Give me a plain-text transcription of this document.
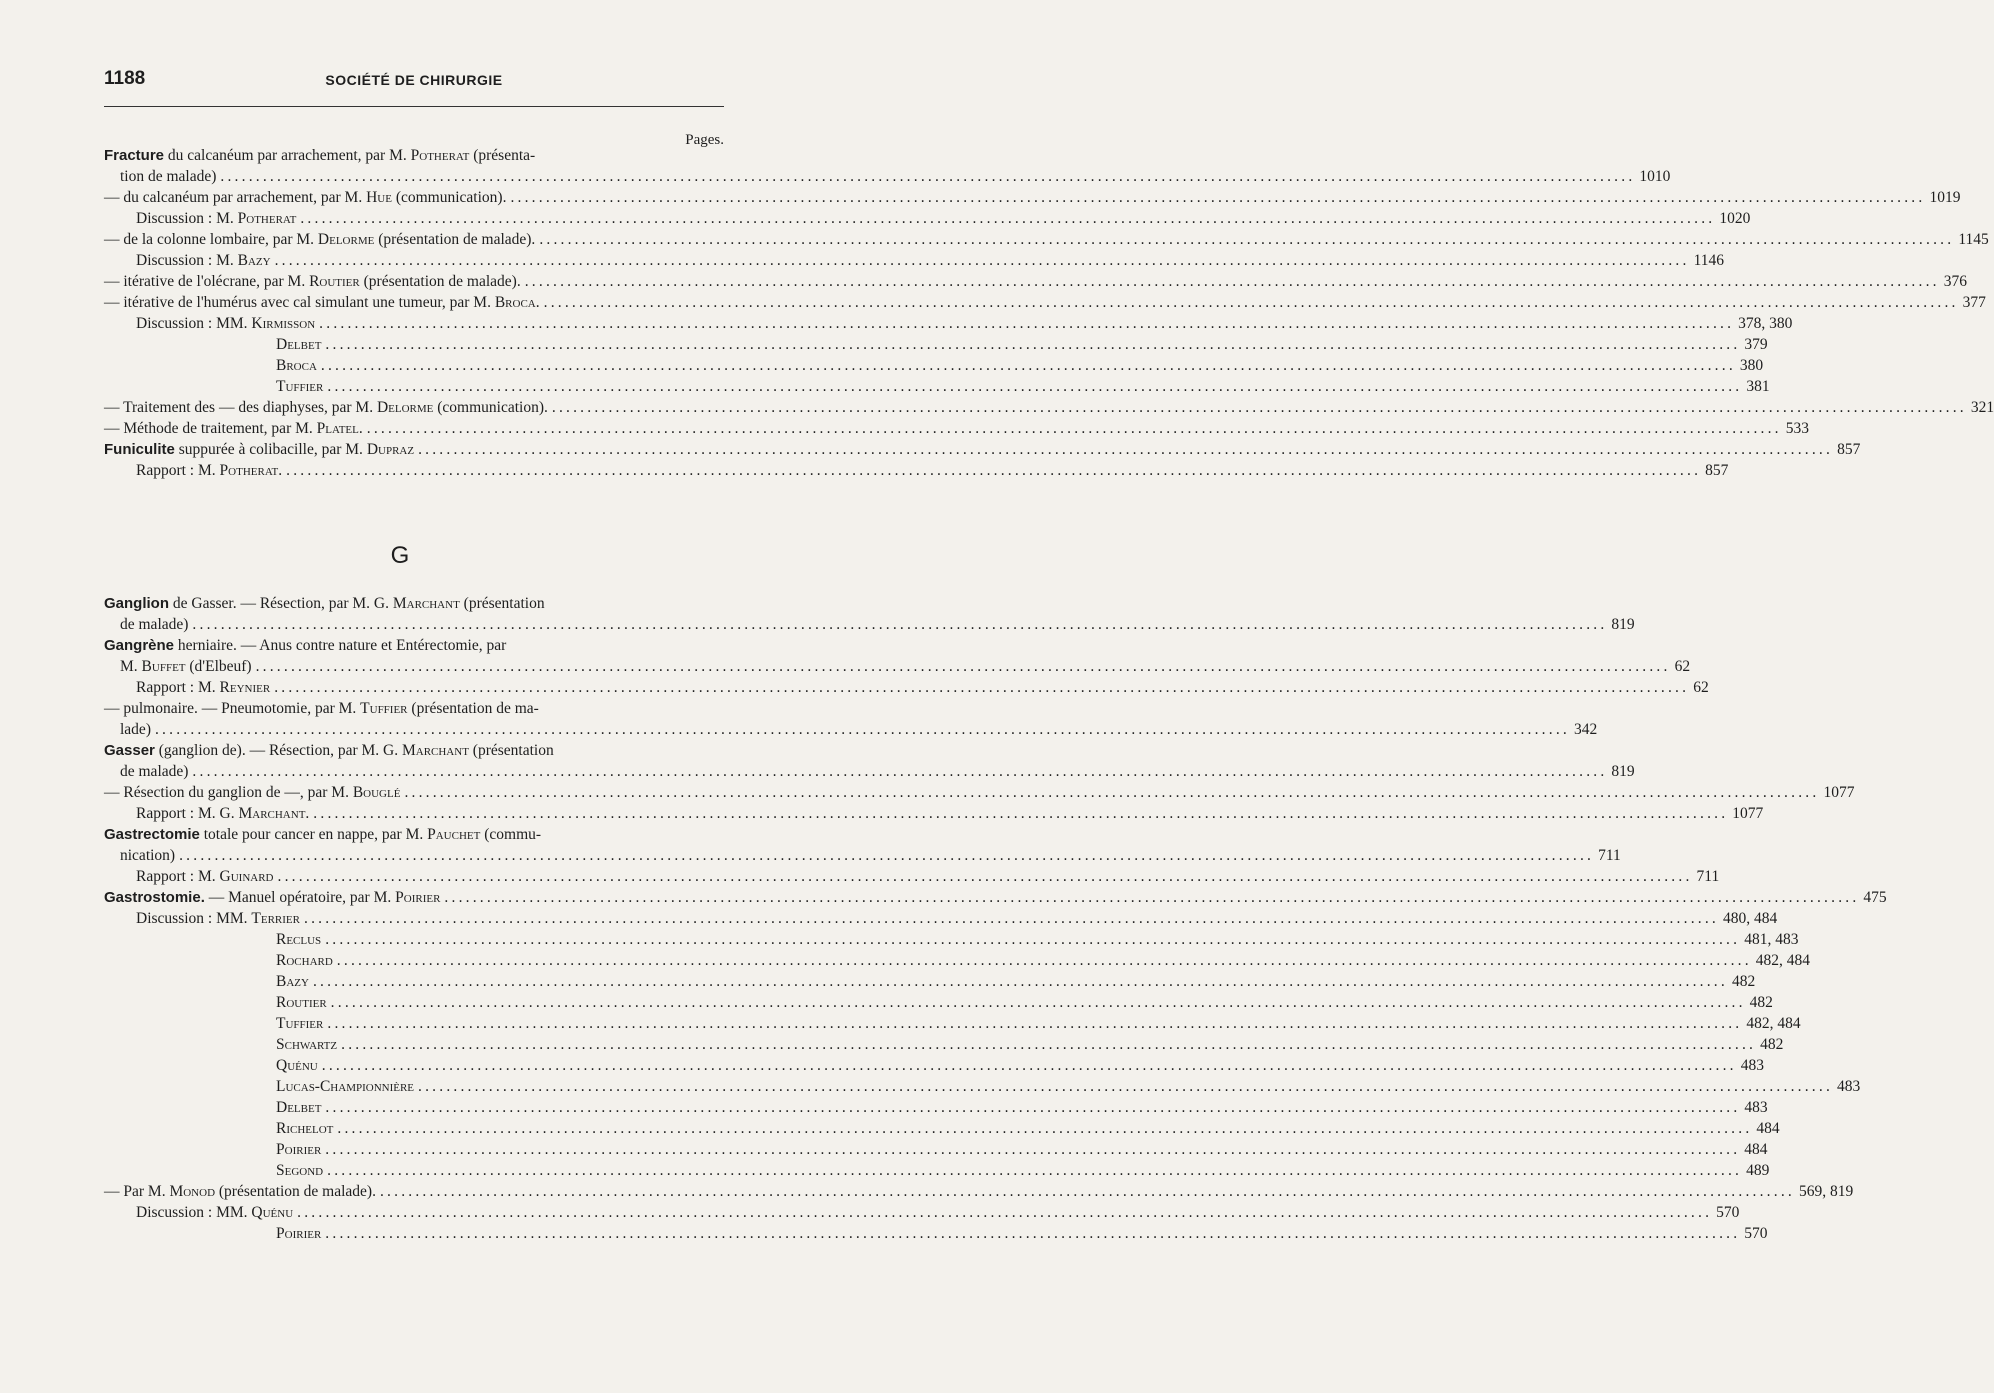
1188	SOCIÉTÉ DE CHIRURGIE
Pages.
G
Fracture du calcanéum par arrachement, par M. Potherat (présenta-
tion de malade) ........................................................................................................................................................................................................ 1010
— du calcanéum par arrachement, par M. Hue (communication). ........................................................................................................................................................................................................ 1019
Discussion : M. Potherat ........................................................................................................................................................................................................ 1020
— de la colonne lombaire, par M. Delorme (présentation de malade). ........................................................................................................................................................................................................ 1145
Discussion : M. Bazy ........................................................................................................................................................................................................ 1146
— itérative de l'olécrane, par M. Routier (présentation de malade). ........................................................................................................................................................................................................ 376
— itérative de l'humérus avec cal simulant une tumeur, par M. Broca. ........................................................................................................................................................................................................ 377
Discussion : MM. Kirmisson ........................................................................................................................................................................................................ 378, 380
Delbet ........................................................................................................................................................................................................ 379
Broca ........................................................................................................................................................................................................ 380
Tuffier ........................................................................................................................................................................................................ 381
— Traitement des — des diaphyses, par M. Delorme (communication). ........................................................................................................................................................................................................ 321
— Méthode de traitement, par M. Platel. ........................................................................................................................................................................................................ 533
Funiculite suppurée à colibacille, par M. Dupraz ........................................................................................................................................................................................................ 857
Rapport : M. Potherat. ........................................................................................................................................................................................................ 857
Ganglion de Gasser. — Résection, par M. G. Marchant (présentation
de malade) ........................................................................................................................................................................................................ 819
Gangrène herniaire. — Anus contre nature et Entérectomie, par
M. Buffet (d'Elbeuf) ........................................................................................................................................................................................................ 62
Rapport : M. Reynier ........................................................................................................................................................................................................ 62
— pulmonaire. — Pneumotomie, par M. Tuffier (présentation de ma-
lade) ........................................................................................................................................................................................................ 342
Gasser (ganglion de). — Résection, par M. G. Marchant (présentation
de malade) ........................................................................................................................................................................................................ 819
— Résection du ganglion de —, par M. Bouglé ........................................................................................................................................................................................................ 1077
Rapport : M. G. Marchant. ........................................................................................................................................................................................................ 1077
Gastrectomie totale pour cancer en nappe, par M. Pauchet (commu-
nication) ........................................................................................................................................................................................................ 711
Rapport : M. Guinard ........................................................................................................................................................................................................ 711
Gastrostomie. — Manuel opératoire, par M. Poirier ........................................................................................................................................................................................................ 475
Discussion : MM. Terrier ........................................................................................................................................................................................................ 480, 484
Reclus ........................................................................................................................................................................................................ 481, 483
Rochard ........................................................................................................................................................................................................ 482, 484
Bazy ........................................................................................................................................................................................................ 482
Routier ........................................................................................................................................................................................................ 482
Tuffier ........................................................................................................................................................................................................ 482, 484
Schwartz ........................................................................................................................................................................................................ 482
Quénu ........................................................................................................................................................................................................ 483
Lucas-Championnière ........................................................................................................................................................................................................ 483
Delbet ........................................................................................................................................................................................................ 483
Richelot ........................................................................................................................................................................................................ 484
Poirier ........................................................................................................................................................................................................ 484
Segond ........................................................................................................................................................................................................ 489
— Par M. Monod (présentation de malade). ........................................................................................................................................................................................................ 569, 819
Discussion : MM. Quénu ........................................................................................................................................................................................................ 570
Poirier ........................................................................................................................................................................................................ 570
